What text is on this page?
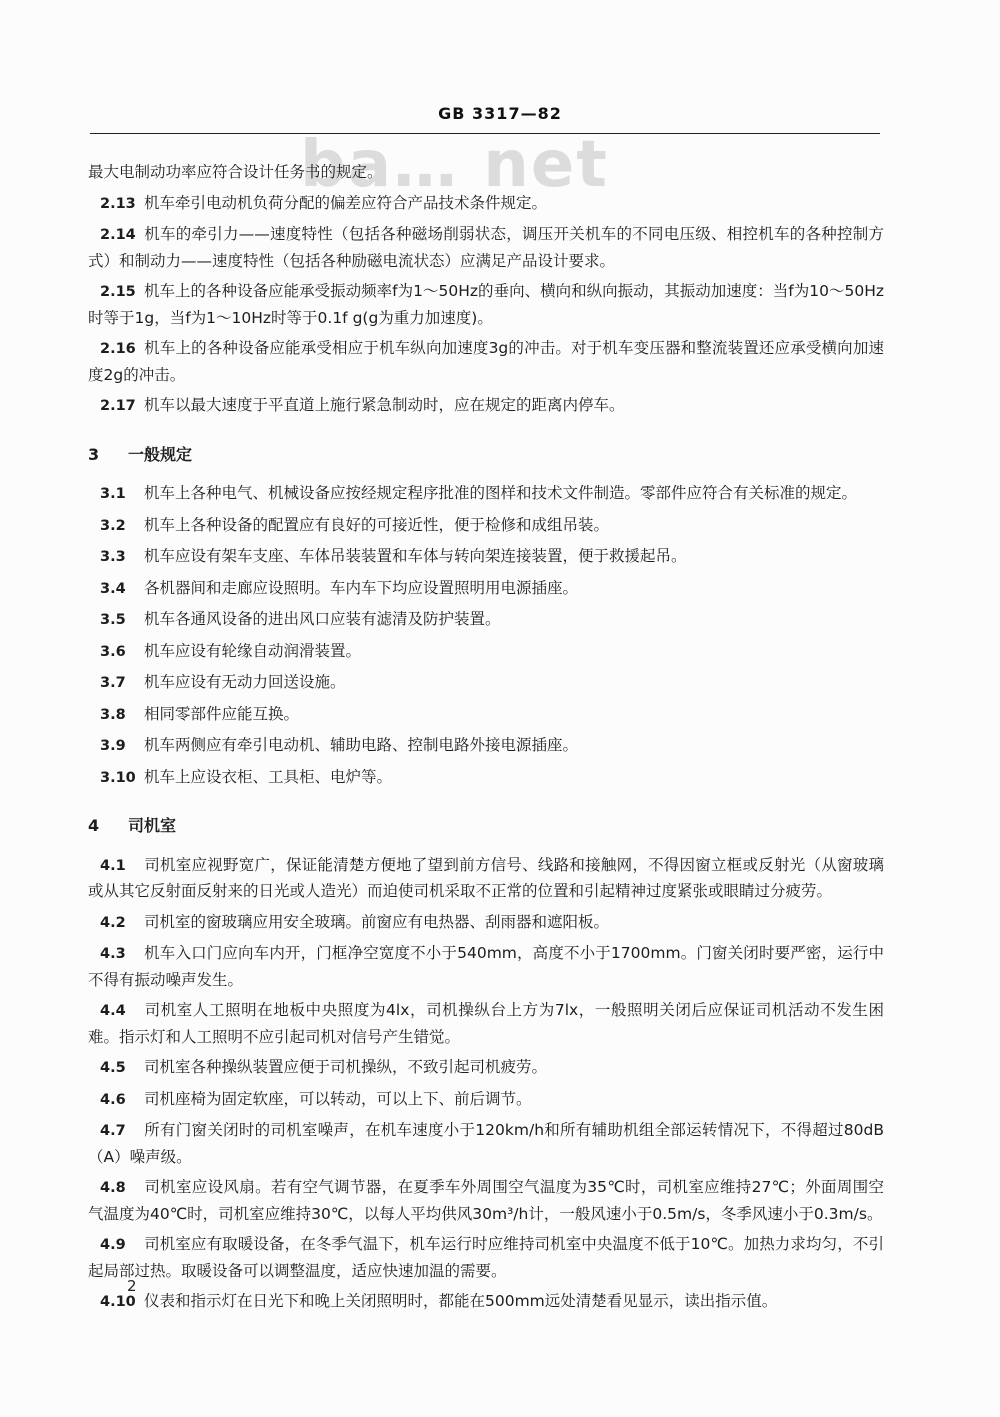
GB 3317—82
ba… net

最大电制动功率应符合设计任务书的规定。

2.13 机车牵引电动机负荷分配的偏差应符合产品技术条件规定。

2.14 机车的牵引力——速度特性（包括各种磁场削弱状态，调压开关机车的不同电压级、相控机车的各种控制方式）和制动力——速度特性（包括各种励磁电流状态）应满足产品设计要求。

2.15 机车上的各种设备应能承受振动频率f为1～50Hz的垂向、横向和纵向振动，其振动加速度：当f为10～50Hz时等于1g，当f为1～10Hz时等于0.1f g(g为重力加速度)。

2.16 机车上的各种设备应能承受相应于机车纵向加速度3g的冲击。对于机车变压器和整流装置还应承受横向加速度2g的冲击。

2.17 机车以最大速度于平直道上施行紧急制动时，应在规定的距离内停车。

3 一般规定

3.1 机车上各种电气、机械设备应按经规定程序批准的图样和技术文件制造。零部件应符合有关标准的规定。

3.2 机车上各种设备的配置应有良好的可接近性，便于检修和成组吊装。

3.3 机车应设有架车支座、车体吊装装置和车体与转向架连接装置，便于救援起吊。

3.4 各机器间和走廊应设照明。车内车下均应设置照明用电源插座。

3.5 机车各通风设备的进出风口应装有滤清及防护装置。

3.6 机车应设有轮缘自动润滑装置。

3.7 机车应设有无动力回送设施。

3.8 相同零部件应能互换。

3.9 机车两侧应有牵引电动机、辅助电路、控制电路外接电源插座。

3.10 机车上应设衣柜、工具柜、电炉等。

4 司机室

4.1 司机室应视野宽广，保证能清楚方便地了望到前方信号、线路和接触网，不得因窗立框或反射光（从窗玻璃或从其它反射面反射来的日光或人造光）而迫使司机采取不正常的位置和引起精神过度紧张或眼睛过分疲劳。

4.2 司机室的窗玻璃应用安全玻璃。前窗应有电热器、刮雨器和遮阳板。

4.3 机车入口门应向车内开，门框净空宽度不小于540mm，高度不小于1700mm。门窗关闭时要严密，运行中不得有振动噪声发生。

4.4 司机室人工照明在地板中央照度为4lx，司机操纵台上方为7lx，一般照明关闭后应保证司机活动不发生困难。指示灯和人工照明不应引起司机对信号产生错觉。

4.5 司机室各种操纵装置应便于司机操纵，不致引起司机疲劳。

4.6 司机座椅为固定软座，可以转动，可以上下、前后调节。

4.7 所有门窗关闭时的司机室噪声，在机车速度小于120km/h和所有辅助机组全部运转情况下，不得超过80dB（A）噪声级。

4.8 司机室应设风扇。若有空气调节器，在夏季车外周围空气温度为35℃时，司机室应维持27℃；外面周围空气温度为40℃时，司机室应维持30℃，以每人平均供风30m³/h计，一般风速小于0.5m/s，冬季风速小于0.3m/s。

4.9 司机室应有取暖设备，在冬季气温下，机车运行时应维持司机室中央温度不低于10℃。加热力求均匀，不引起局部过热。取暖设备可以调整温度，适应快速加温的需要。

4.10 仪表和指示灯在日光下和晚上关闭照明时，都能在500mm远处清楚看见显示，读出指示值。

2
